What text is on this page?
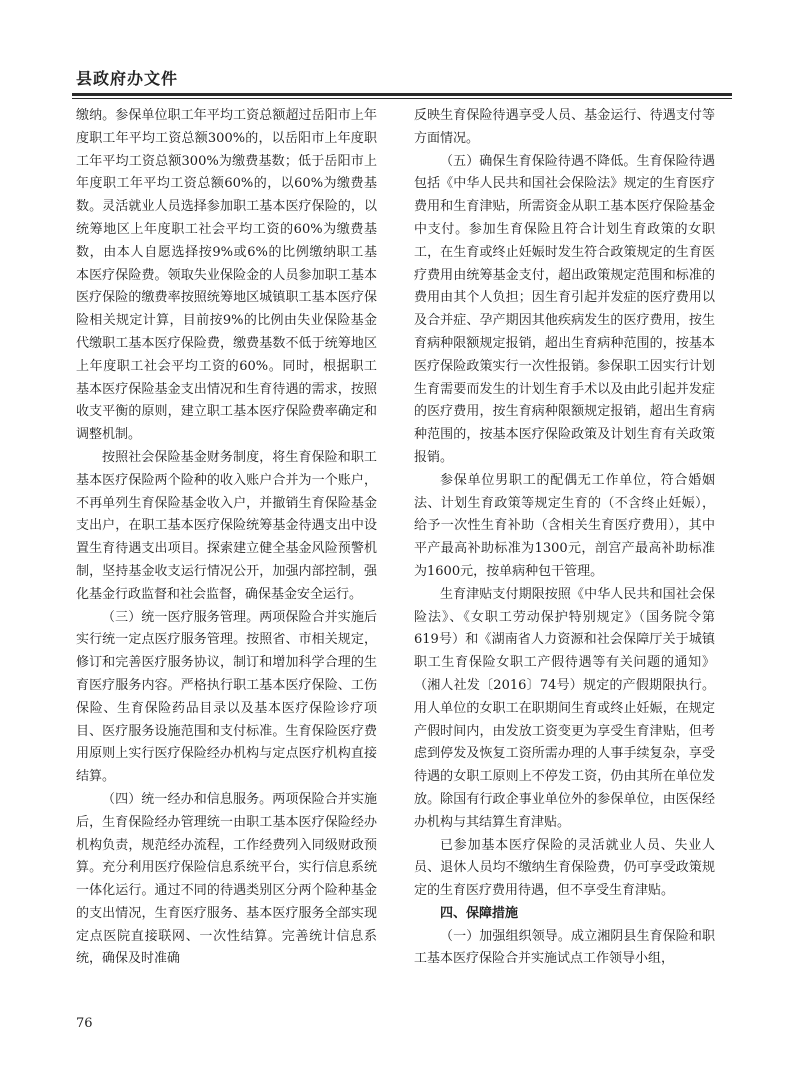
县政府办文件

缴纳。参保单位职工年平均工资总额超过岳阳市上年度职工年平均工资总额300%的，以岳阳市上年度职工年平均工资总额300%为缴费基数；低于岳阳市上年度职工年平均工资总额60%的，以60%为缴费基数。灵活就业人员选择参加职工基本医疗保险的，以统筹地区上年度职工社会平均工资的60%为缴费基数，由本人自愿选择按9%或6%的比例缴纳职工基本医疗保险费。领取失业保险金的人员参加职工基本医疗保险的缴费率按照统筹地区城镇职工基本医疗保险相关规定计算，目前按9%的比例由失业保险基金代缴职工基本医疗保险费，缴费基数不低于统筹地区上年度职工社会平均工资的60%。同时，根据职工基本医疗保险基金支出情况和生育待遇的需求，按照收支平衡的原则，建立职工基本医疗保险费率确定和调整机制。

按照社会保险基金财务制度，将生育保险和职工基本医疗保险两个险种的收入账户合并为一个账户，不再单列生育保险基金收入户，并撤销生育保险基金支出户，在职工基本医疗保险统筹基金待遇支出中设置生育待遇支出项目。探索建立健全基金风险预警机制，坚持基金收支运行情况公开，加强内部控制，强化基金行政监督和社会监督，确保基金安全运行。

（三）统一医疗服务管理。两项保险合并实施后实行统一定点医疗服务管理。按照省、市相关规定，修订和完善医疗服务协议，制订和增加科学合理的生育医疗服务内容。严格执行职工基本医疗保险、工伤保险、生育保险药品目录以及基本医疗保险诊疗项目、医疗服务设施范围和支付标准。生育保险医疗费用原则上实行医疗保险经办机构与定点医疗机构直接结算。

（四）统一经办和信息服务。两项保险合并实施后，生育保险经办管理统一由职工基本医疗保险经办机构负责，规范经办流程，工作经费列入同级财政预算。充分利用医疗保险信息系统平台，实行信息系统一体化运行。通过不同的待遇类别区分两个险种基金的支出情况，生育医疗服务、基本医疗服务全部实现定点医院直接联网、一次性结算。完善统计信息系统，确保及时准确

反映生育保险待遇享受人员、基金运行、待遇支付等方面情况。

（五）确保生育保险待遇不降低。生育保险待遇包括《中华人民共和国社会保险法》规定的生育医疗费用和生育津贴，所需资金从职工基本医疗保险基金中支付。参加生育保险且符合计划生育政策的女职工，在生育或终止妊娠时发生符合政策规定的生育医疗费用由统筹基金支付，超出政策规定范围和标准的费用由其个人负担；因生育引起并发症的医疗费用以及合并症、孕产期因其他疾病发生的医疗费用，按生育病种限额规定报销，超出生育病种范围的，按基本医疗保险政策实行一次性报销。参保职工因实行计划生育需要而发生的计划生育手术以及由此引起并发症的医疗费用，按生育病种限额规定报销，超出生育病种范围的，按基本医疗保险政策及计划生育有关政策报销。

参保单位男职工的配偶无工作单位，符合婚姻法、计划生育政策等规定生育的（不含终止妊娠），给予一次性生育补助（含相关生育医疗费用），其中平产最高补助标准为1300元，剖宫产最高补助标准为1600元，按单病种包干管理。

生育津贴支付期限按照《中华人民共和国社会保险法》、《女职工劳动保护特别规定》（国务院令第619号）和《湖南省人力资源和社会保障厅关于城镇职工生育保险女职工产假待遇等有关问题的通知》（湘人社发〔2016〕74号）规定的产假期限执行。用人单位的女职工在职期间生育或终止妊娠，在规定产假时间内，由发放工资变更为享受生育津贴，但考虑到停发及恢复工资所需办理的人事手续复杂，享受待遇的女职工原则上不停发工资，仍由其所在单位发放。除国有行政企事业单位外的参保单位，由医保经办机构与其结算生育津贴。

已参加基本医疗保险的灵活就业人员、失业人员、退休人员均不缴纳生育保险费，仍可享受政策规定的生育医疗费用待遇，但不享受生育津贴。

四、保障措施

（一）加强组织领导。成立湘阴县生育保险和职工基本医疗保险合并实施试点工作领导小组，

76
